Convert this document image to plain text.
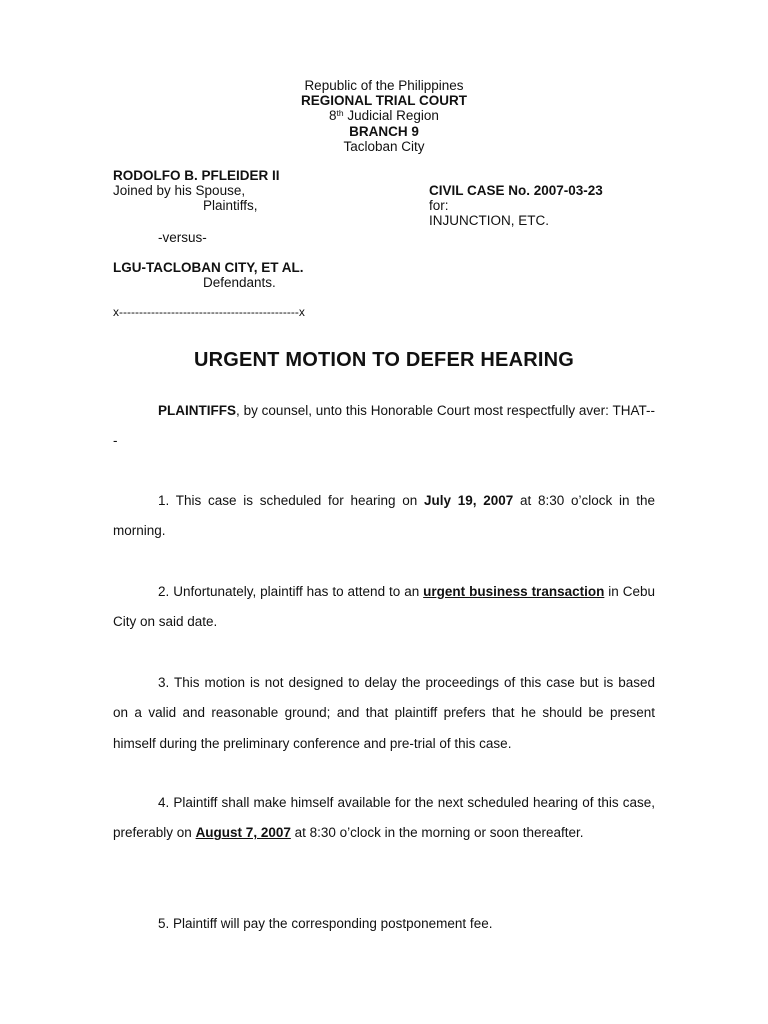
Republic of the Philippines
REGIONAL TRIAL COURT
8th Judicial Region
BRANCH 9
Tacloban City
RODOLFO B. PFLEIDER II
Joined by his Spouse,
Plaintiffs,
-versus-
LGU-TACLOBAN CITY, ET AL.
Defendants.
CIVIL CASE No. 2007-03-23
for:
INJUNCTION, ETC.
x---------------------------------------------x
URGENT MOTION TO DEFER HEARING
PLAINTIFFS, by counsel, unto this Honorable Court most respectfully aver: THAT---
1. This case is scheduled for hearing on July 19, 2007 at 8:30 o’clock in the morning.
2. Unfortunately, plaintiff has to attend to an urgent business transaction in Cebu City on said date.
3. This motion is not designed to delay the proceedings of this case but is based on a valid and reasonable ground; and that plaintiff prefers that he should be present himself during the preliminary conference and pre-trial of this case.
4. Plaintiff shall make himself available for the next scheduled hearing of this case, preferably on August 7, 2007 at 8:30 o’clock in the morning or soon thereafter.
5. Plaintiff will pay the corresponding postponement fee.
